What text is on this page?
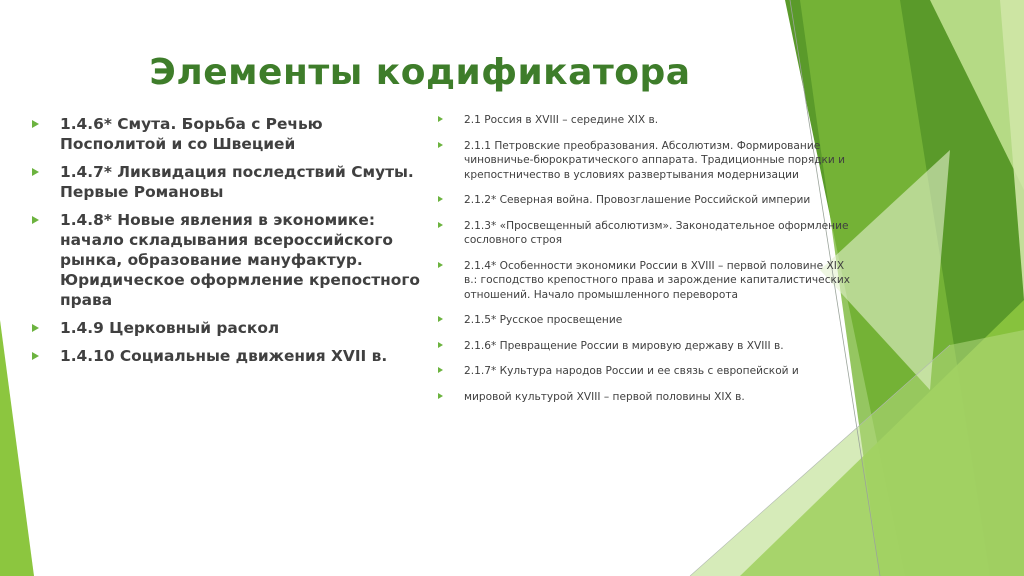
Элементы кодификатора
1.4.6* Смута. Борьба с Речью Посполитой и со Швецией
1.4.7* Ликвидация последствий Смуты. Первые Романовы
1.4.8* Новые явления в экономике: начало складывания всероссийского рынка, образование мануфактур. Юридическое оформление крепостного права
1.4.9 Церковный раскол
1.4.10 Социальные движения XVII в.
2.1 Россия в XVIII – середине XIX в.
2.1.1 Петровские преобразования. Абсолютизм. Формирование чиновничье-бюрократического аппарата. Традиционные порядки и крепостничество в условиях развертывания модернизации
2.1.2* Северная война. Провозглашение Российской империи
2.1.3* «Просвещенный абсолютизм». Законодательное оформление сословного строя
2.1.4* Особенности экономики России в XVIII – первой половине XIX в.: господство крепостного права и зарождение капиталистических отношений. Начало промышленного переворота
2.1.5* Русское просвещение
2.1.6* Превращение России в мировую державу в XVIII в.
2.1.7* Культура народов России и ее связь с европейской и
мировой культурой XVIII – первой половины XIX в.
